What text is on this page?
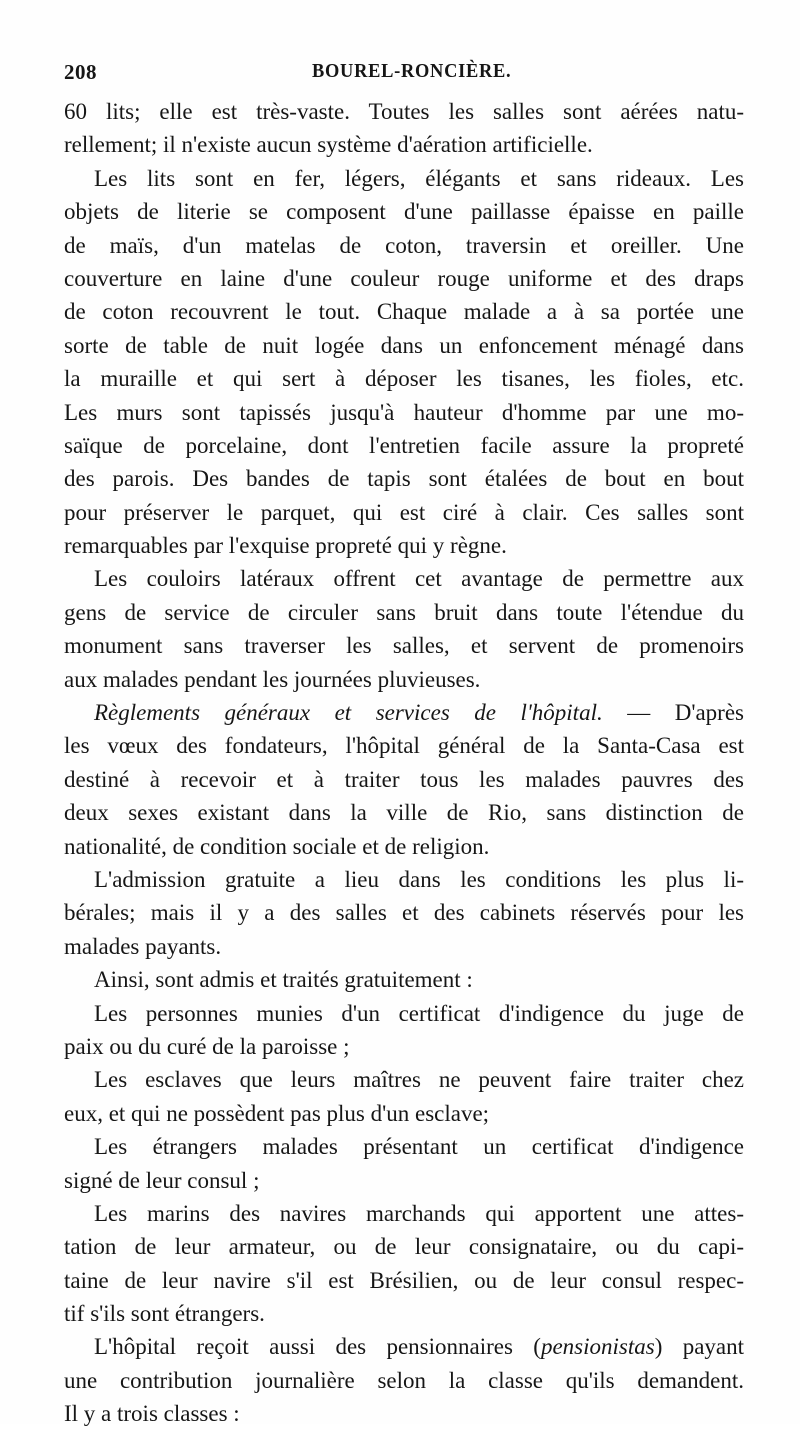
208	BOUREL-RONCIÈRE.
60 lits; elle est très-vaste. Toutes les salles sont aérées natu-
rellement; il n'existe aucun système d'aération artificielle.
Les lits sont en fer, légers, élégants et sans rideaux. Les
objets de literie se composent d'une paillasse épaisse en paille
de maïs, d'un matelas de coton, traversin et oreiller. Une
couverture en laine d'une couleur rouge uniforme et des draps
de coton recouvrent le tout. Chaque malade a à sa portée une
sorte de table de nuit logée dans un enfoncement ménagé dans
la muraille et qui sert à déposer les tisanes, les fioles, etc.
Les murs sont tapissés jusqu'à hauteur d'homme par une mo-
saïque de porcelaine, dont l'entretien facile assure la propreté
des parois. Des bandes de tapis sont étalées de bout en bout
pour préserver le parquet, qui est ciré à clair. Ces salles sont
remarquables par l'exquise propreté qui y règne.
Les couloirs latéraux offrent cet avantage de permettre aux
gens de service de circuler sans bruit dans toute l'étendue du
monument sans traverser les salles, et servent de promenoirs
aux malades pendant les journées pluvieuses.
Règlements généraux et services de l'hôpital. — D'après
les vœux des fondateurs, l'hôpital général de la Santa-Casa est
destiné à recevoir et à traiter tous les malades pauvres des
deux sexes existant dans la ville de Rio, sans distinction de
nationalité, de condition sociale et de religion.
L'admission gratuite a lieu dans les conditions les plus li-
bérales; mais il y a des salles et des cabinets réservés pour les
malades payants.
Ainsi, sont admis et traités gratuitement :
Les personnes munies d'un certificat d'indigence du juge de
paix ou du curé de la paroisse ;
Les esclaves que leurs maîtres ne peuvent faire traiter chez
eux, et qui ne possèdent pas plus d'un esclave;
Les étrangers malades présentant un certificat d'indigence
signé de leur consul ;
Les marins des navires marchands qui apportent une attes-
tation de leur armateur, ou de leur consignataire, ou du capi-
taine de leur navire s'il est Brésilien, ou de leur consul respec-
tif s'ils sont étrangers.
L'hôpital reçoit aussi des pensionnaires (pensionistas) payant
une contribution journalière selon la classe qu'ils demandent.
Il y a trois classes :
